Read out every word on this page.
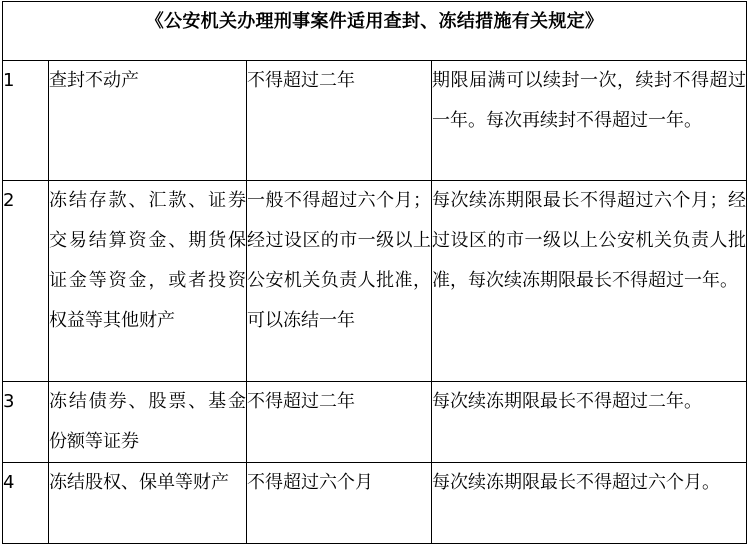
《公安机关办理刑事案件适用查封、冻结措施有关规定》			
1	查封不动产	不得超过二年	期限届满可以续封一次，续封不得超过一年。每次再续封不得超过一年。
2	冻结存款、汇款、证券交易结算资金、期货保证金等资金，或者投资权益等其他财产	一般不得超过六个月；经过设区的市一级以上公安机关负责人批准，可以冻结一年	每次续冻期限最长不得超过六个月；经过设区的市一级以上公安机关负责人批准，每次续冻期限最长不得超过一年。
3	冻结债券、股票、基金份额等证券	不得超过二年	每次续冻期限最长不得超过二年。
4	冻结股权、保单等财产	不得超过六个月	每次续冻期限最长不得超过六个月。
